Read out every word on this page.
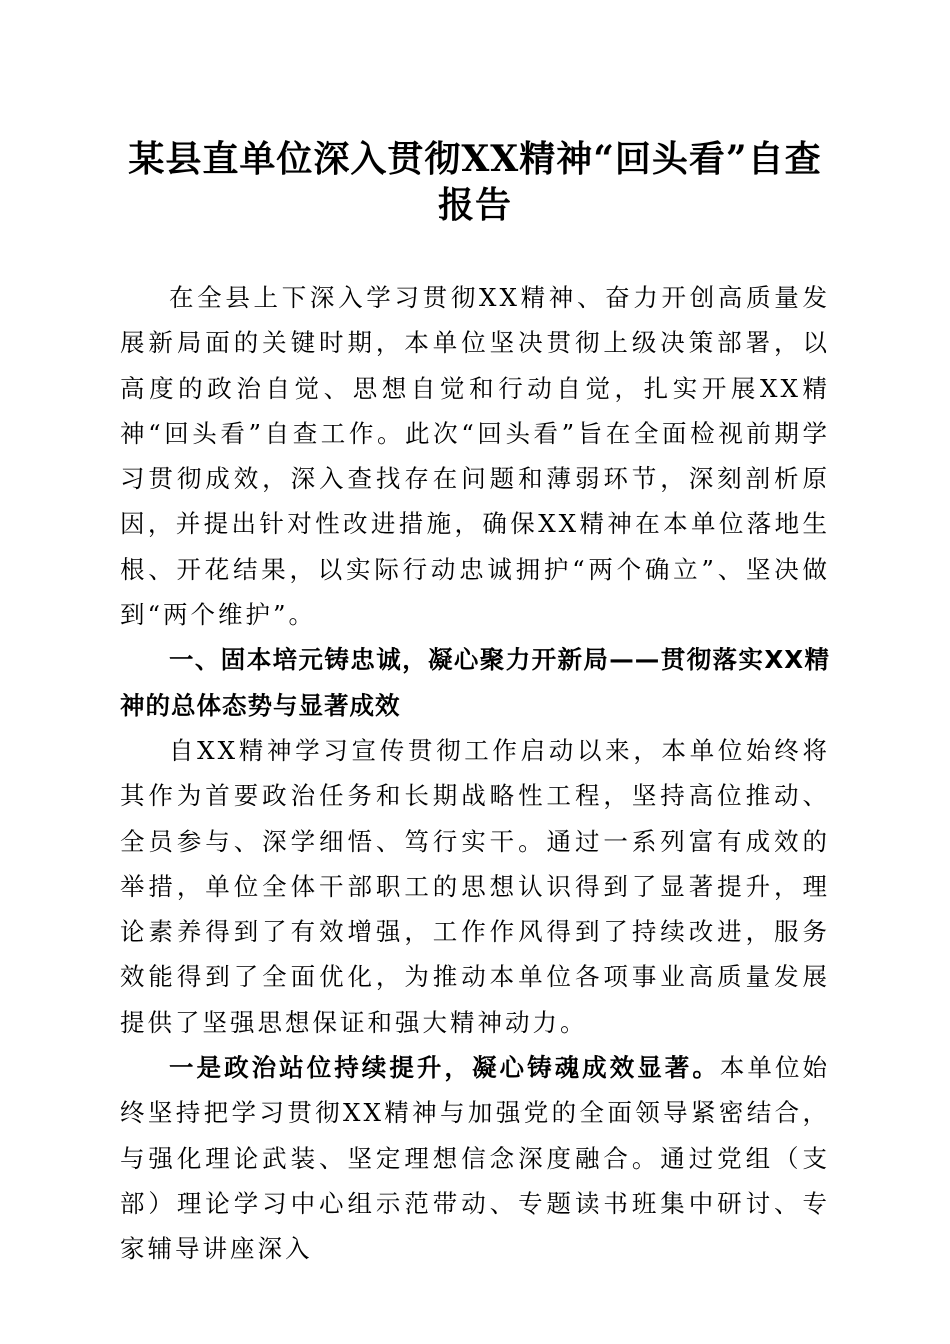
某县直单位深入贯彻XX精神“回头看”自查
报告

在全县上下深入学习贯彻XX精神、奋力开创高质量发展新局面的关键时期，本单位坚决贯彻上级决策部署，以高度的政治自觉、思想自觉和行动自觉，扎实开展XX精神“回头看”自查工作。此次“回头看”旨在全面检视前期学习贯彻成效，深入查找存在问题和薄弱环节，深刻剖析原因，并提出针对性改进措施，确保XX精神在本单位落地生根、开花结果，以实际行动忠诚拥护“两个确立”、坚决做到“两个维护”。

一、固本培元铸忠诚，凝心聚力开新局——贯彻落实XX精神的总体态势与显著成效

自XX精神学习宣传贯彻工作启动以来，本单位始终将其作为首要政治任务和长期战略性工程，坚持高位推动、全员参与、深学细悟、笃行实干。通过一系列富有成效的举措，单位全体干部职工的思想认识得到了显著提升，理论素养得到了有效增强，工作作风得到了持续改进，服务效能得到了全面优化，为推动本单位各项事业高质量发展提供了坚强思想保证和强大精神动力。

一是政治站位持续提升，凝心铸魂成效显著。本单位始终坚持把学习贯彻XX精神与加强党的全面领导紧密结合，与强化理论武装、坚定理想信念深度融合。通过党组（支部）理论学习中心组示范带动、专题读书班集中研讨、专家辅导讲座深入
